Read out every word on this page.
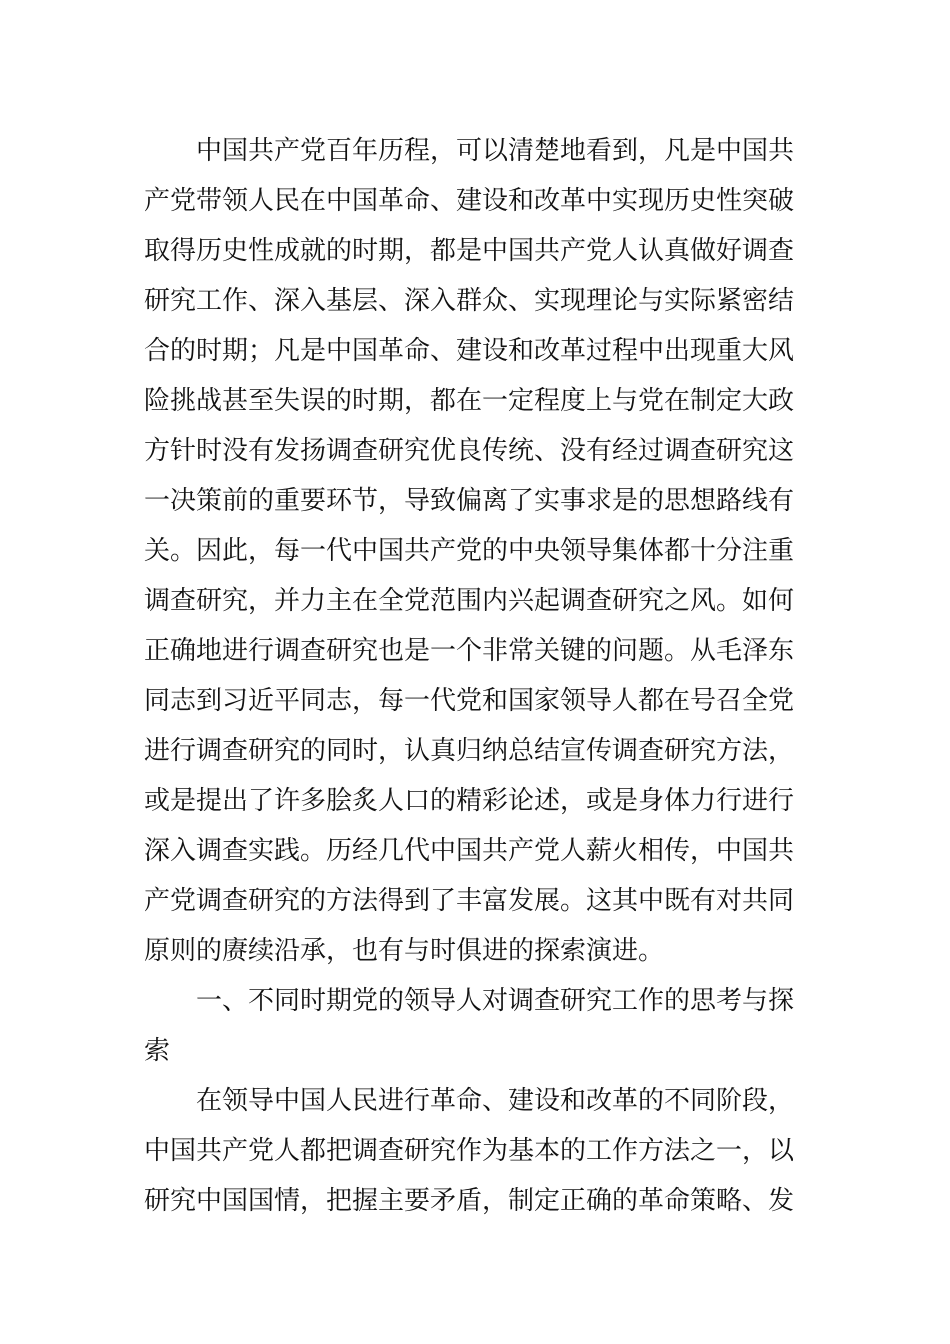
中国共产党百年历程，可以清楚地看到，凡是中国共
产党带领人民在中国革命、建设和改革中实现历史性突破
取得历史性成就的时期，都是中国共产党人认真做好调查
研究工作、深入基层、深入群众、实现理论与实际紧密结
合的时期；凡是中国革命、建设和改革过程中出现重大风
险挑战甚至失误的时期，都在一定程度上与党在制定大政
方针时没有发扬调查研究优良传统、没有经过调查研究这
一决策前的重要环节，导致偏离了实事求是的思想路线有
关。因此，每一代中国共产党的中央领导集体都十分注重
调查研究，并力主在全党范围内兴起调查研究之风。如何
正确地进行调查研究也是一个非常关键的问题。从毛泽东
同志到习近平同志，每一代党和国家领导人都在号召全党
进行调查研究的同时，认真归纳总结宣传调查研究方法，
或是提出了许多脍炙人口的精彩论述，或是身体力行进行
深入调查实践。历经几代中国共产党人薪火相传，中国共
产党调查研究的方法得到了丰富发展。这其中既有对共同
原则的赓续沿承，也有与时俱进的探索演进。
一、不同时期党的领导人对调查研究工作的思考与探
索
在领导中国人民进行革命、建设和改革的不同阶段，
中国共产党人都把调查研究作为基本的工作方法之一，以
研究中国国情，把握主要矛盾，制定正确的革命策略、发
